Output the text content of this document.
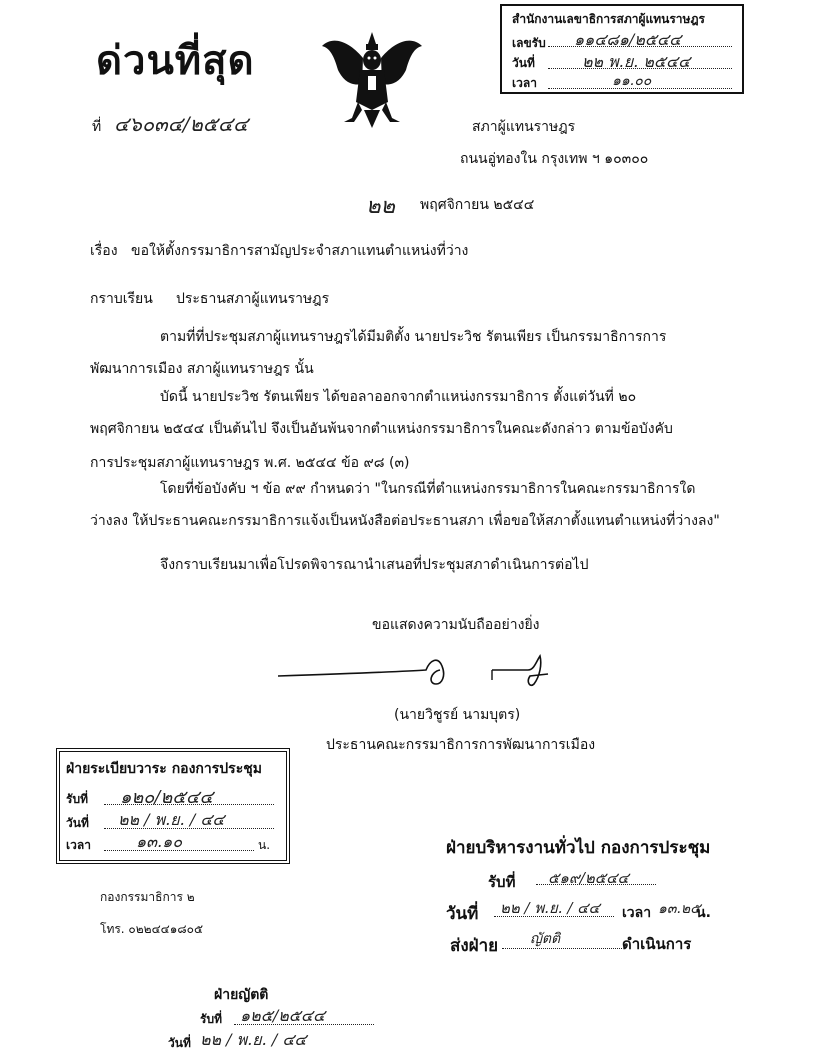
ด่วนที่สุด
ที่ ๔๖๐๓๔/๒๕๔๔
สำนักงานเลขาธิการสภาผู้แทนราษฎร
เลขรับ ๑๑๔๘๑/๒๕๔๔
วันที่	๒๒ พ.ย. ๒๕๔๔
เวลา	๑๑.๐๐
สภาผู้แทนราษฎร
ถนนอู่ทองใน กรุงเทพ ฯ ๑๐๓๐๐
๒๒ พฤศจิกายน ๒๕๔๔
เรื่อง ขอให้ตั้งกรรมาธิการสามัญประจำสภาแทนตำแหน่งที่ว่าง
กราบเรียน ประธานสภาผู้แทนราษฎร
ตามที่ที่ประชุมสภาผู้แทนราษฎรได้มีมติตั้ง นายประวิช รัตนเพียร เป็นกรรมาธิการการ
พัฒนาการเมือง สภาผู้แทนราษฎร นั้น
บัดนี้ นายประวิช รัตนเพียร ได้ขอลาออกจากตำแหน่งกรรมาธิการ ตั้งแต่วันที่ ๒๐
พฤศจิกายน ๒๕๔๔ เป็นต้นไป จึงเป็นอันพ้นจากตำแหน่งกรรมาธิการในคณะดังกล่าว ตามข้อบังคับ
การประชุมสภาผู้แทนราษฎร พ.ศ. ๒๕๔๔ ข้อ ๙๘ (๓)
โดยที่ข้อบังคับ ฯ ข้อ ๙๙ กำหนดว่า "ในกรณีที่ตำแหน่งกรรมาธิการในคณะกรรมาธิการใด
ว่างลง ให้ประธานคณะกรรมาธิการแจ้งเป็นหนังสือต่อประธานสภา เพื่อขอให้สภาตั้งแทนตำแหน่งที่ว่างลง"
จึงกราบเรียนมาเพื่อโปรดพิจารณานำเสนอที่ประชุมสภาดำเนินการต่อไป
ขอแสดงความนับถืออย่างยิ่ง
(นายวิชูรย์ นามบุตร)
ประธานคณะกรรมาธิการการพัฒนาการเมือง
ฝ่ายระเบียบวาระ กองการประชุม
รับที่ ๑๒๐/๒๕๔๔
วันที่ ๒๒ / พ.ย. / ๔๔
เวลา	๑๓.๑๐	น.
กองกรรมาธิการ ๒
โทร. ๐๒๒๔๔๑๘๐๕
ฝ่ายบริหารงานทั่วไป กองการประชุม
รับที่ ๕๑๙/๒๕๔๔
วันที่ ๒๒ / พ.ย. / ๔๔ เวลา ๑๓.๒๕
น.
ส่งฝ่าย ญัตติ	ดำเนินการ
ฝ่ายญัตติ
รับที่ ๑๒๕/๒๕๔๔
วันที่ ๒๒ / พ.ย. / ๔๔
